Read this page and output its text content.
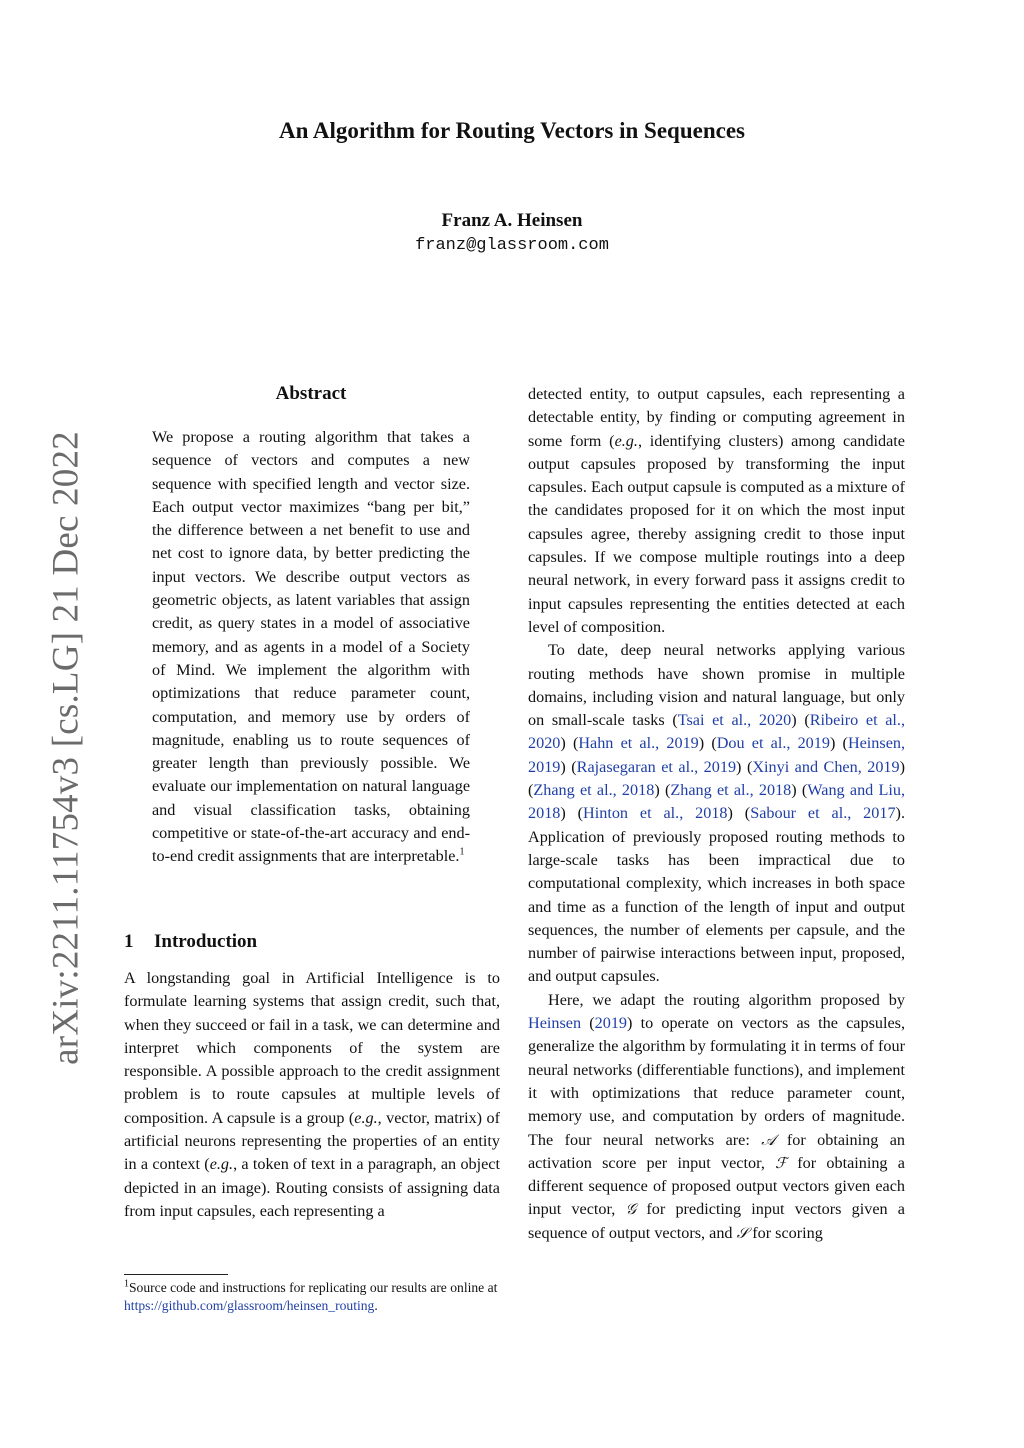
An Algorithm for Routing Vectors in Sequences
Franz A. Heinsen
franz@glassroom.com
arXiv:2211.11754v3 [cs.LG] 21 Dec 2022
Abstract
We propose a routing algorithm that takes a sequence of vectors and computes a new sequence with specified length and vector size. Each output vector maximizes “bang per bit,” the difference between a net benefit to use and net cost to ignore data, by better predicting the input vectors. We describe output vectors as geometric objects, as latent variables that assign credit, as query states in a model of associative memory, and as agents in a model of a Society of Mind. We implement the algorithm with optimizations that reduce parameter count, computation, and memory use by orders of magnitude, enabling us to route sequences of greater length than previously possible. We evaluate our implementation on natural language and visual classification tasks, obtaining competitive or state-of-the-art accuracy and end-to-end credit assignments that are interpretable.$^1$
1 Introduction

A longstanding goal in Artificial Intelligence is to formulate learning systems that assign credit, such that, when they succeed or fail in a task, we can determine and interpret which components of the system are responsible. A possible approach to the credit assignment problem is to route capsules at multiple levels of composition. A capsule is a group (e.g., vector, matrix) of artificial neurons representing the properties of an entity in a context (e.g., a token of text in a paragraph, an object depicted in an image). Routing consists of assigning data from input capsules, each representing a

$^1$Source code and instructions for replicating our results are online at https://github.com/glassroom/heinsen_routing.

detected entity, to output capsules, each representing a detectable entity, by finding or computing agreement in some form (e.g., identifying clusters) among candidate output capsules proposed by transforming the input capsules. Each output capsule is computed as a mixture of the candidates proposed for it on which the most input capsules agree, thereby assigning credit to those input capsules. If we compose multiple routings into a deep neural network, in every forward pass it assigns credit to input capsules representing the entities detected at each level of composition.

To date, deep neural networks applying various routing methods have shown promise in multiple domains, including vision and natural language, but only on small-scale tasks (Tsai et al., 2020) (Ribeiro et al., 2020) (Hahn et al., 2019) (Dou et al., 2019) (Heinsen, 2019) (Rajasegaran et al., 2019) (Xinyi and Chen, 2019) (Zhang et al., 2018) (Zhang et al., 2018) (Wang and Liu, 2018) (Hinton et al., 2018) (Sabour et al., 2017). Application of previously proposed routing methods to large-scale tasks has been impractical due to computational complexity, which increases in both space and time as a function of the length of input and output sequences, the number of elements per capsule, and the number of pairwise interactions between input, proposed, and output capsules.

Here, we adapt the routing algorithm proposed by Heinsen (2019) to operate on vectors as the capsules, generalize the algorithm by formulating it in terms of four neural networks (differentiable functions), and implement it with optimizations that reduce parameter count, memory use, and computation by orders of magnitude. The four neural networks are: 𝒜 for obtaining an activation score per input vector, ℱ for obtaining a different sequence of proposed output vectors given each input vector, 𝒢 for predicting input vectors given a sequence of output vectors, and 𝒮 for scoring
